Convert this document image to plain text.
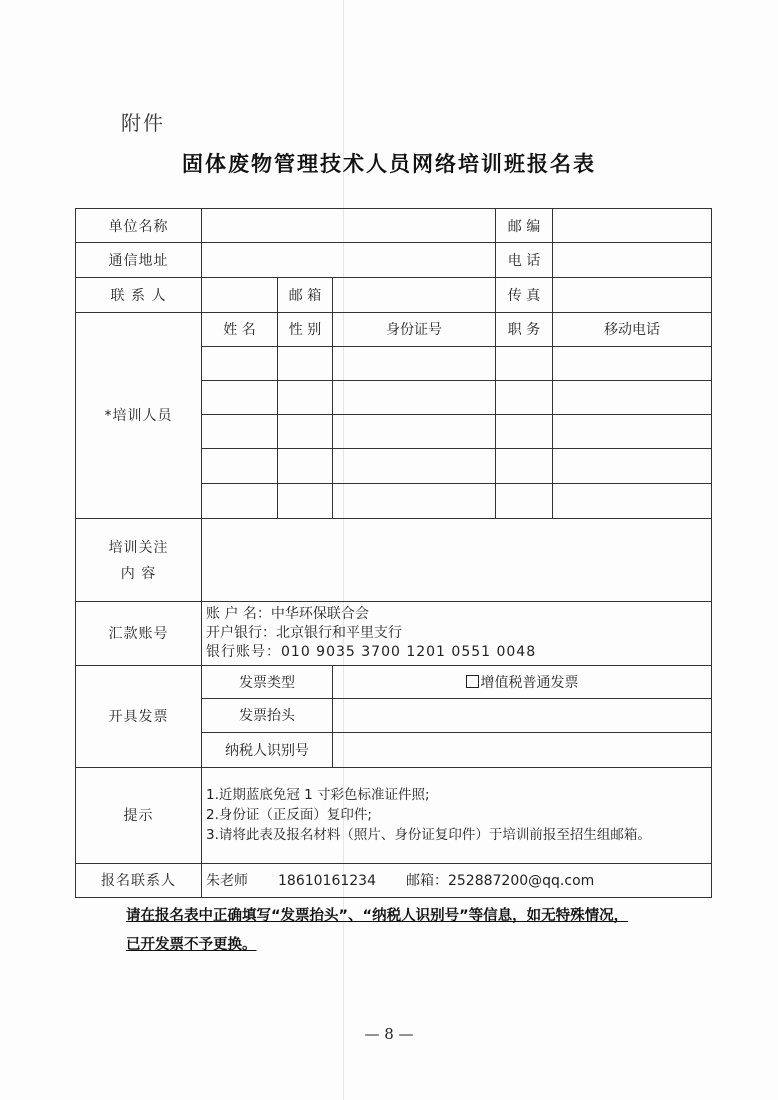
附件
固体废物管理技术人员网络培训班报名表
单位名称				邮 编	
通信地址				电 话	
联 系 人		邮 箱		传 真	
*培训人员	姓 名	性 别	身份证号	职 务	移动电话

培训关注
内 容					

汇款账号	账 户 名：中华环保联合会
开户银行：北京银行和平里支行
银行账号：010 9035 3700 1201 0551 0048				

开具发票	发票类型		增值税普通发票		
	发票抬头				
	纳税人识别号				
提示	1.近期蓝底免冠 1 寸彩色标准证件照;
2.身份证（正反面）复印件;
3.请将此表及报名材料（照片、身份证复印件）于培训前报至招生组邮箱。				

报名联系人	朱老师 18610161234 邮箱：252887200@qq.com				
请在报名表中正确填写“发票抬头”、“纳税人识别号”等信息，如无特殊情况，
已开发票不予更换。
— 8 —
